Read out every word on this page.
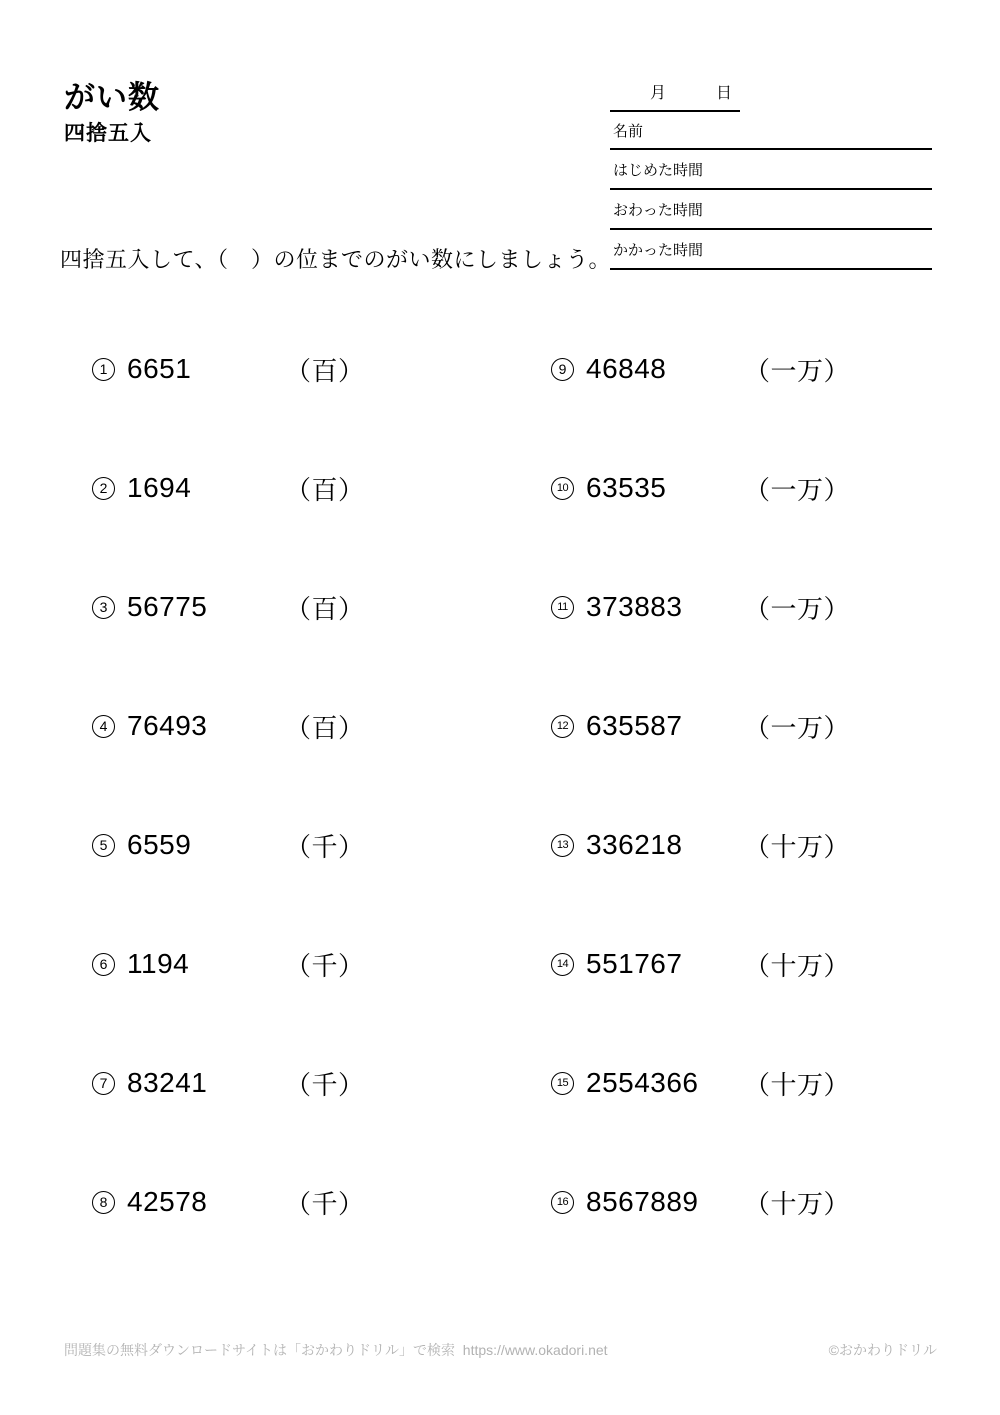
がい数
四捨五入
月	日
名前
はじめた時間
おわった時間
かかった時間
四捨五入して、（　）の位までのがい数にしましょう。
1 6651	（百）
2 1694	（百）
3 56775	（百）
4 76493	（百）
5 6559	（千）
6 1194	（千）
7 83241	（千）
8 42578	（千）
9 46848	（一万）
10 63535	（一万）
11 373883	（一万）
12 635587	（一万）
13 336218	（十万）
14 551767	（十万）
15 2554366	（十万）
16 8567889	（十万）
問題集の無料ダウンロードサイトは「おかわりドリル」で検索  https://www.okadori.net	©おかわりドリル
